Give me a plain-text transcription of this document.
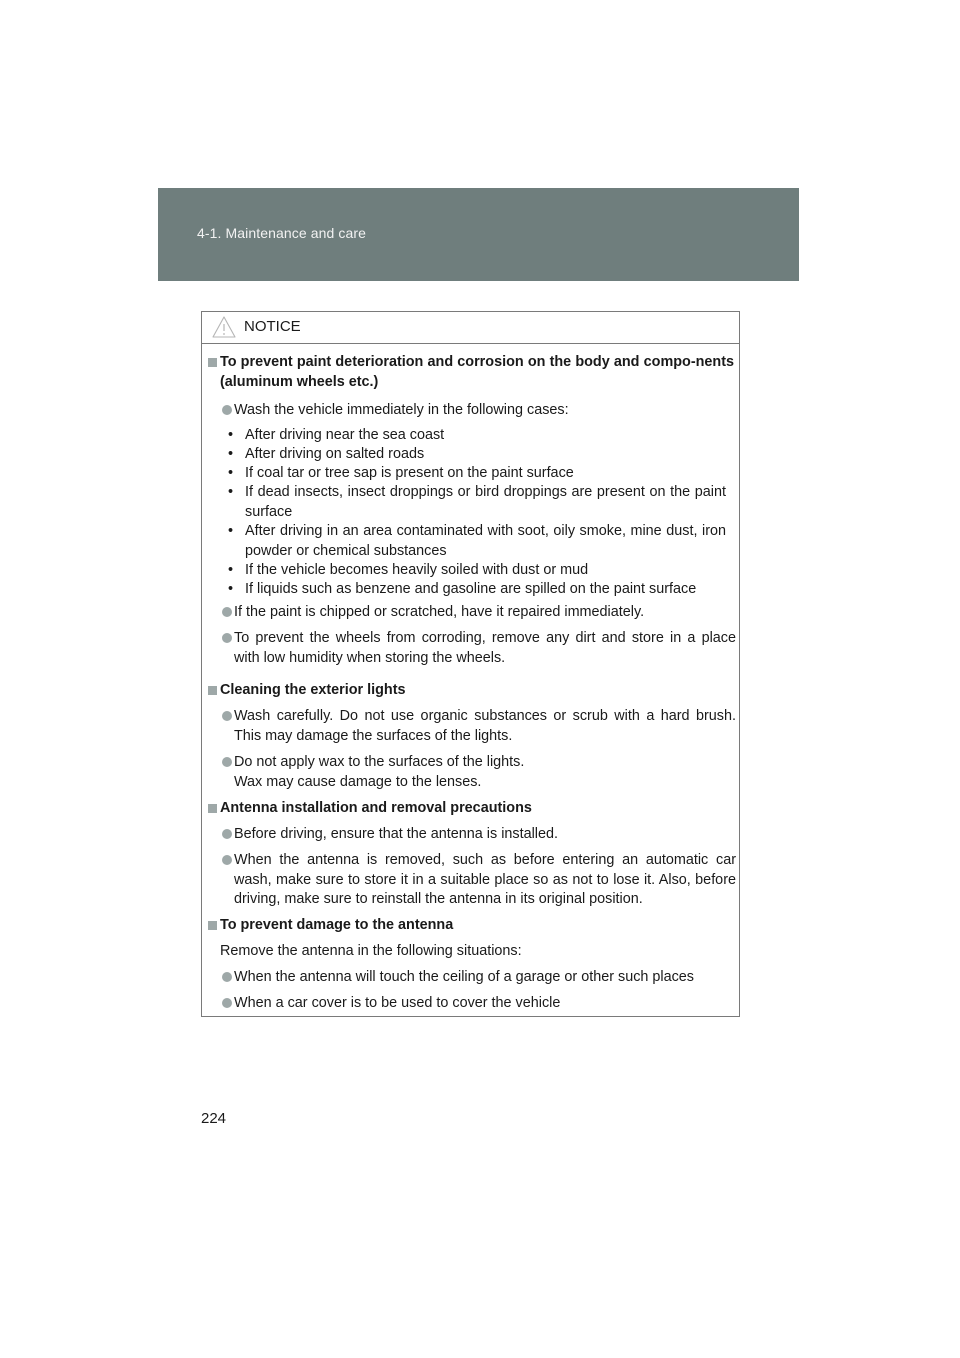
4-1. Maintenance and care
NOTICE
To prevent paint deterioration and corrosion on the body and compo-nents (aluminum wheels etc.)
Wash the vehicle immediately in the following cases:
• After driving near the sea coast
• After driving on salted roads
• If coal tar or tree sap is present on the paint surface
• If dead insects, insect droppings or bird droppings are present on the paint surface
• After driving in an area contaminated with soot, oily smoke, mine dust, iron powder or chemical substances
• If the vehicle becomes heavily soiled with dust or mud
• If liquids such as benzene and gasoline are spilled on the paint surface
If the paint is chipped or scratched, have it repaired immediately.
To prevent the wheels from corroding, remove any dirt and store in a place with low humidity when storing the wheels.
Cleaning the exterior lights
Wash carefully. Do not use organic substances or scrub with a hard brush. This may damage the surfaces of the lights.
Do not apply wax to the surfaces of the lights.
Wax may cause damage to the lenses.
Antenna installation and removal precautions
Before driving, ensure that the antenna is installed.
When the antenna is removed, such as before entering an automatic car wash, make sure to store it in a suitable place so as not to lose it. Also, before driving, make sure to reinstall the antenna in its original position.
To prevent damage to the antenna
Remove the antenna in the following situations:
When the antenna will touch the ceiling of a garage or other such places
When a car cover is to be used to cover the vehicle
224
